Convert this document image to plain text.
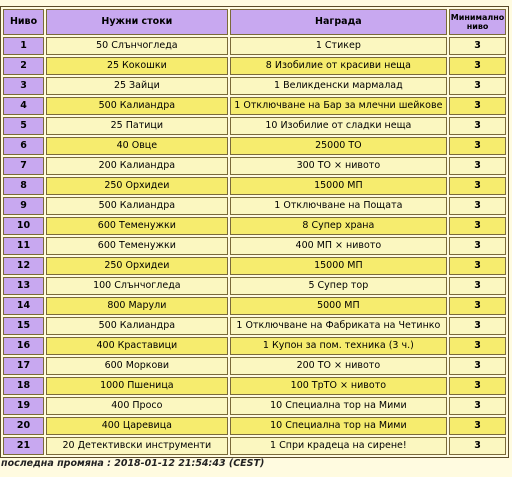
Ниво	Нужни стоки	Награда	Минимално
ниво
1	50 Слънчогледа	1 Стикер	3
2	25 Кокошки	8 Изобилие от красиви неща	3
3	25 Зайци	1 Великденски мармалад	3
4	500 Калиандра	1 Отключване на Бар за млечни шейкове	3
5	25 Патици	10 Изобилие от сладки неща	3
6	40 Овце	25000 ТО	3
7	200 Калиандра	300 ТО × нивото	3
8	250 Орхидеи	15000 МП	3
9	500 Калиандра	1 Отключване на Пощата	3
10	600 Теменужки	8 Супер храна	3
11	600 Теменужки	400 МП × нивото	3
12	250 Орхидеи	15000 МП	3
13	100 Слънчогледа	5 Супер тор	3
14	800 Марули	5000 МП	3
15	500 Калиандра	1 Отключване на Фабриката на Четинко	3
16	400 Краставици	1 Купон за пом. техника (3 ч.)	3
17	600 Моркови	200 ТО × нивото	3
18	1000 Пшеница	100 ТрТО × нивото	3
19	400 Просо	10 Специална тор на Мими	3
20	400 Царевица	10 Специална тор на Мими	3
21	20 Детективски инструменти	1 Спри крадеца на сирене!	3
последна промяна : 2018-01-12 21:54:43 (CEST)
